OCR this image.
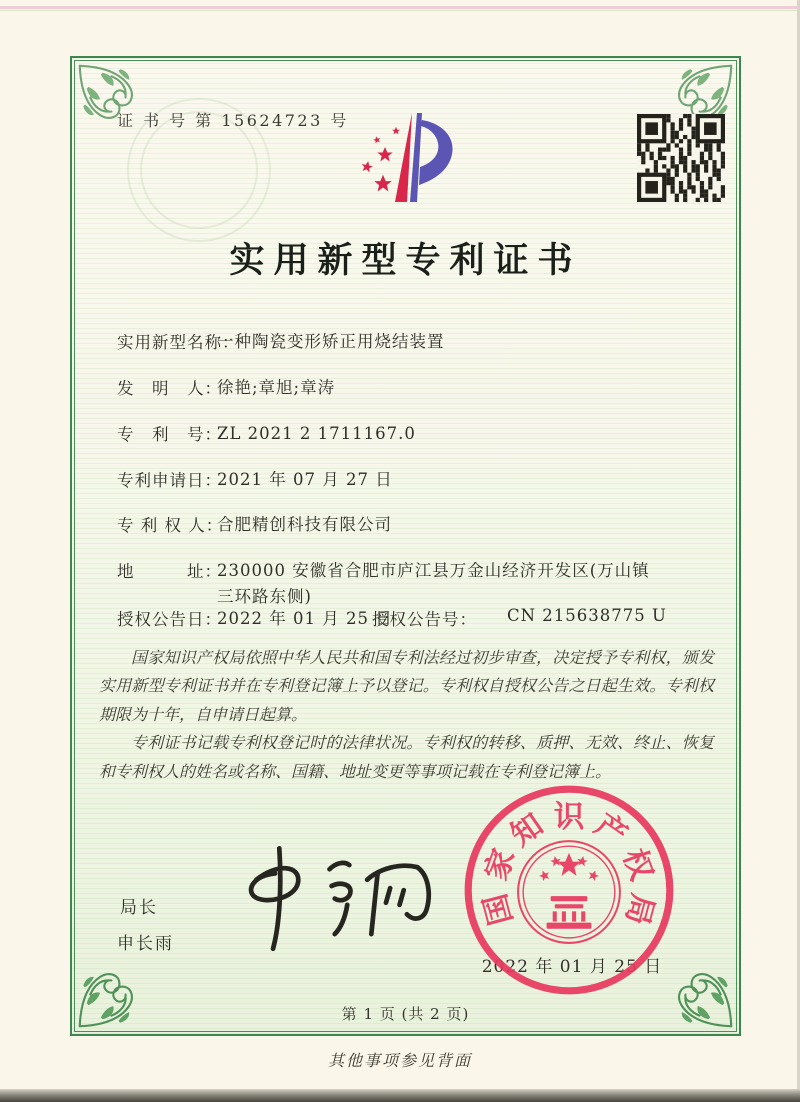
证 书 号 第 15624723 号
实用新型专利证书
实用新型名称：
一种陶瓷变形矫正用烧结装置
发　明　人：
徐艳;章旭;章涛
专　利　号：
ZL 2021 2 1711167.0
专利申请日：
2021 年 07 月 27 日
专 利 权 人：
合肥精创科技有限公司
地　　　址：
230000 安徽省合肥市庐江县万金山经济开发区(万山镇三环路东侧)
授权公告日：
2022 年 01 月 25 日
授权公告号： CN 215638775 U

国家知识产权局依照中华人民共和国专利法经过初步审查，决定授予专利权，颁发实用新型专利证书并在专利登记簿上予以登记。专利权自授权公告之日起生效。专利权期限为十年，自申请日起算。

专利证书记载专利权登记时的法律状况。专利权的转移、质押、无效、终止、恢复和专利权人的姓名或名称、国籍、地址变更等事项记载在专利登记簿上。

局长
申长雨
国
家
知 识 产
权
局
2022 年 01 月 25 日
第 1 页 (共 2 页)
其他事项参见背面
